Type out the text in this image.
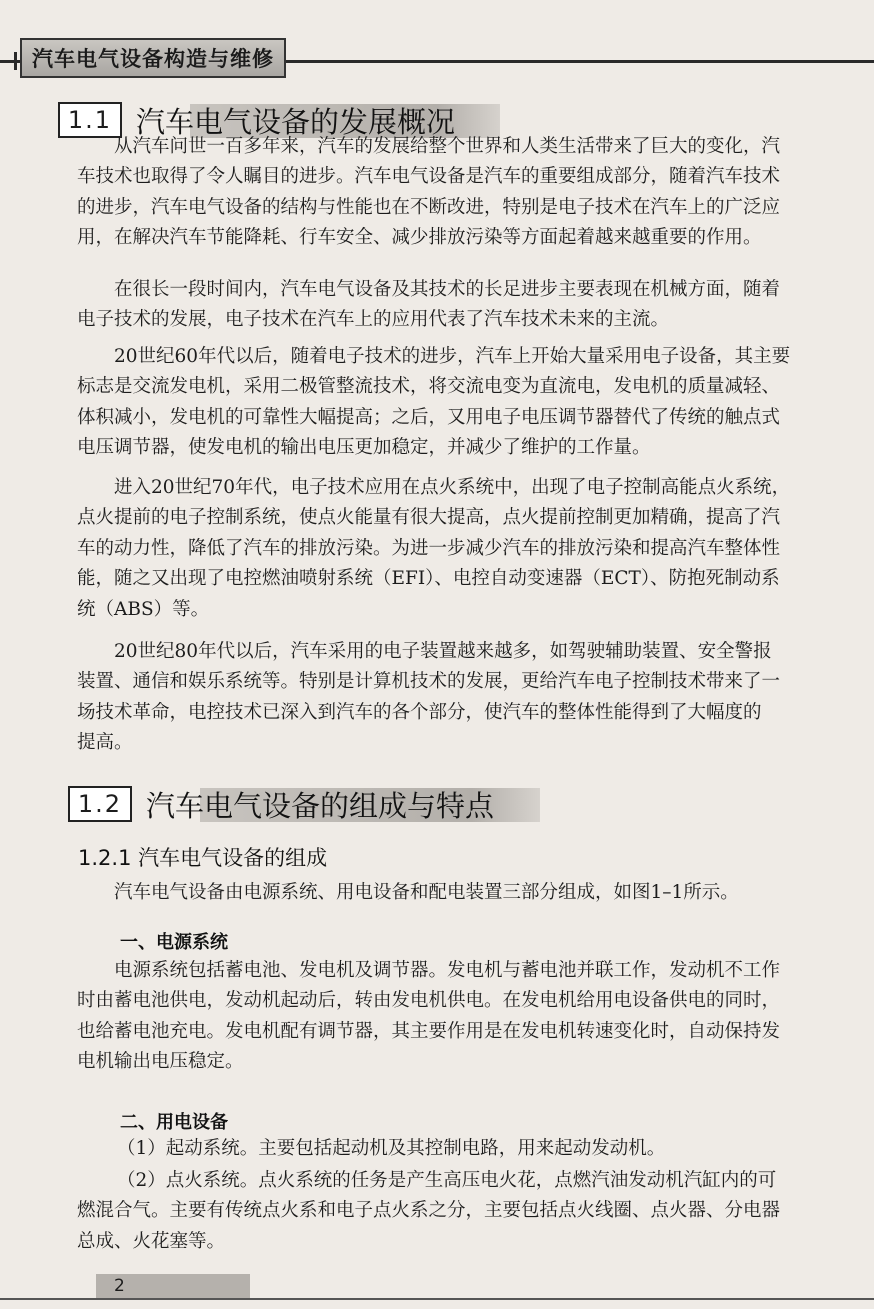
汽车电气设备构造与维修
1.1 汽车电气设备的发展概况
从汽车问世一百多年来，汽车的发展给整个世界和人类生活带来了巨大的变化，汽
车技术也取得了令人瞩目的进步。汽车电气设备是汽车的重要组成部分，随着汽车技术
的进步，汽车电气设备的结构与性能也在不断改进，特别是电子技术在汽车上的广泛应
用，在解决汽车节能降耗、行车安全、减少排放污染等方面起着越来越重要的作用。
在很长一段时间内，汽车电气设备及其技术的长足进步主要表现在机械方面，随着
电子技术的发展，电子技术在汽车上的应用代表了汽车技术未来的主流。
20世纪60年代以后，随着电子技术的进步，汽车上开始大量采用电子设备，其主要
标志是交流发电机，采用二极管整流技术，将交流电变为直流电，发电机的质量减轻、
体积减小，发电机的可靠性大幅提高；之后，又用电子电压调节器替代了传统的触点式
电压调节器，使发电机的输出电压更加稳定，并减少了维护的工作量。
进入20世纪70年代，电子技术应用在点火系统中，出现了电子控制高能点火系统，
点火提前的电子控制系统，使点火能量有很大提高，点火提前控制更加精确，提高了汽
车的动力性，降低了汽车的排放污染。为进一步减少汽车的排放污染和提高汽车整体性
能，随之又出现了电控燃油喷射系统（EFI）、电控自动变速器（ECT）、防抱死制动系
统（ABS）等。
20世纪80年代以后，汽车采用的电子装置越来越多，如驾驶辅助装置、安全警报
装置、通信和娱乐系统等。特别是计算机技术的发展，更给汽车电子控制技术带来了一
场技术革命，电控技术已深入到汽车的各个部分，使汽车的整体性能得到了大幅度的
提高。
1.2 汽车电气设备的组成与特点
1.2.1 汽车电气设备的组成
汽车电气设备由电源系统、用电设备和配电装置三部分组成，如图1–1所示。
一、电源系统
电源系统包括蓄电池、发电机及调节器。发电机与蓄电池并联工作，发动机不工作
时由蓄电池供电，发动机起动后，转由发电机供电。在发电机给用电设备供电的同时，
也给蓄电池充电。发电机配有调节器，其主要作用是在发电机转速变化时，自动保持发
电机输出电压稳定。
二、用电设备
（1）起动系统。主要包括起动机及其控制电路，用来起动发动机。
（2）点火系统。点火系统的任务是产生高压电火花，点燃汽油发动机汽缸内的可
燃混合气。主要有传统点火系和电子点火系之分，主要包括点火线圈、点火器、分电器
总成、火花塞等。
2
